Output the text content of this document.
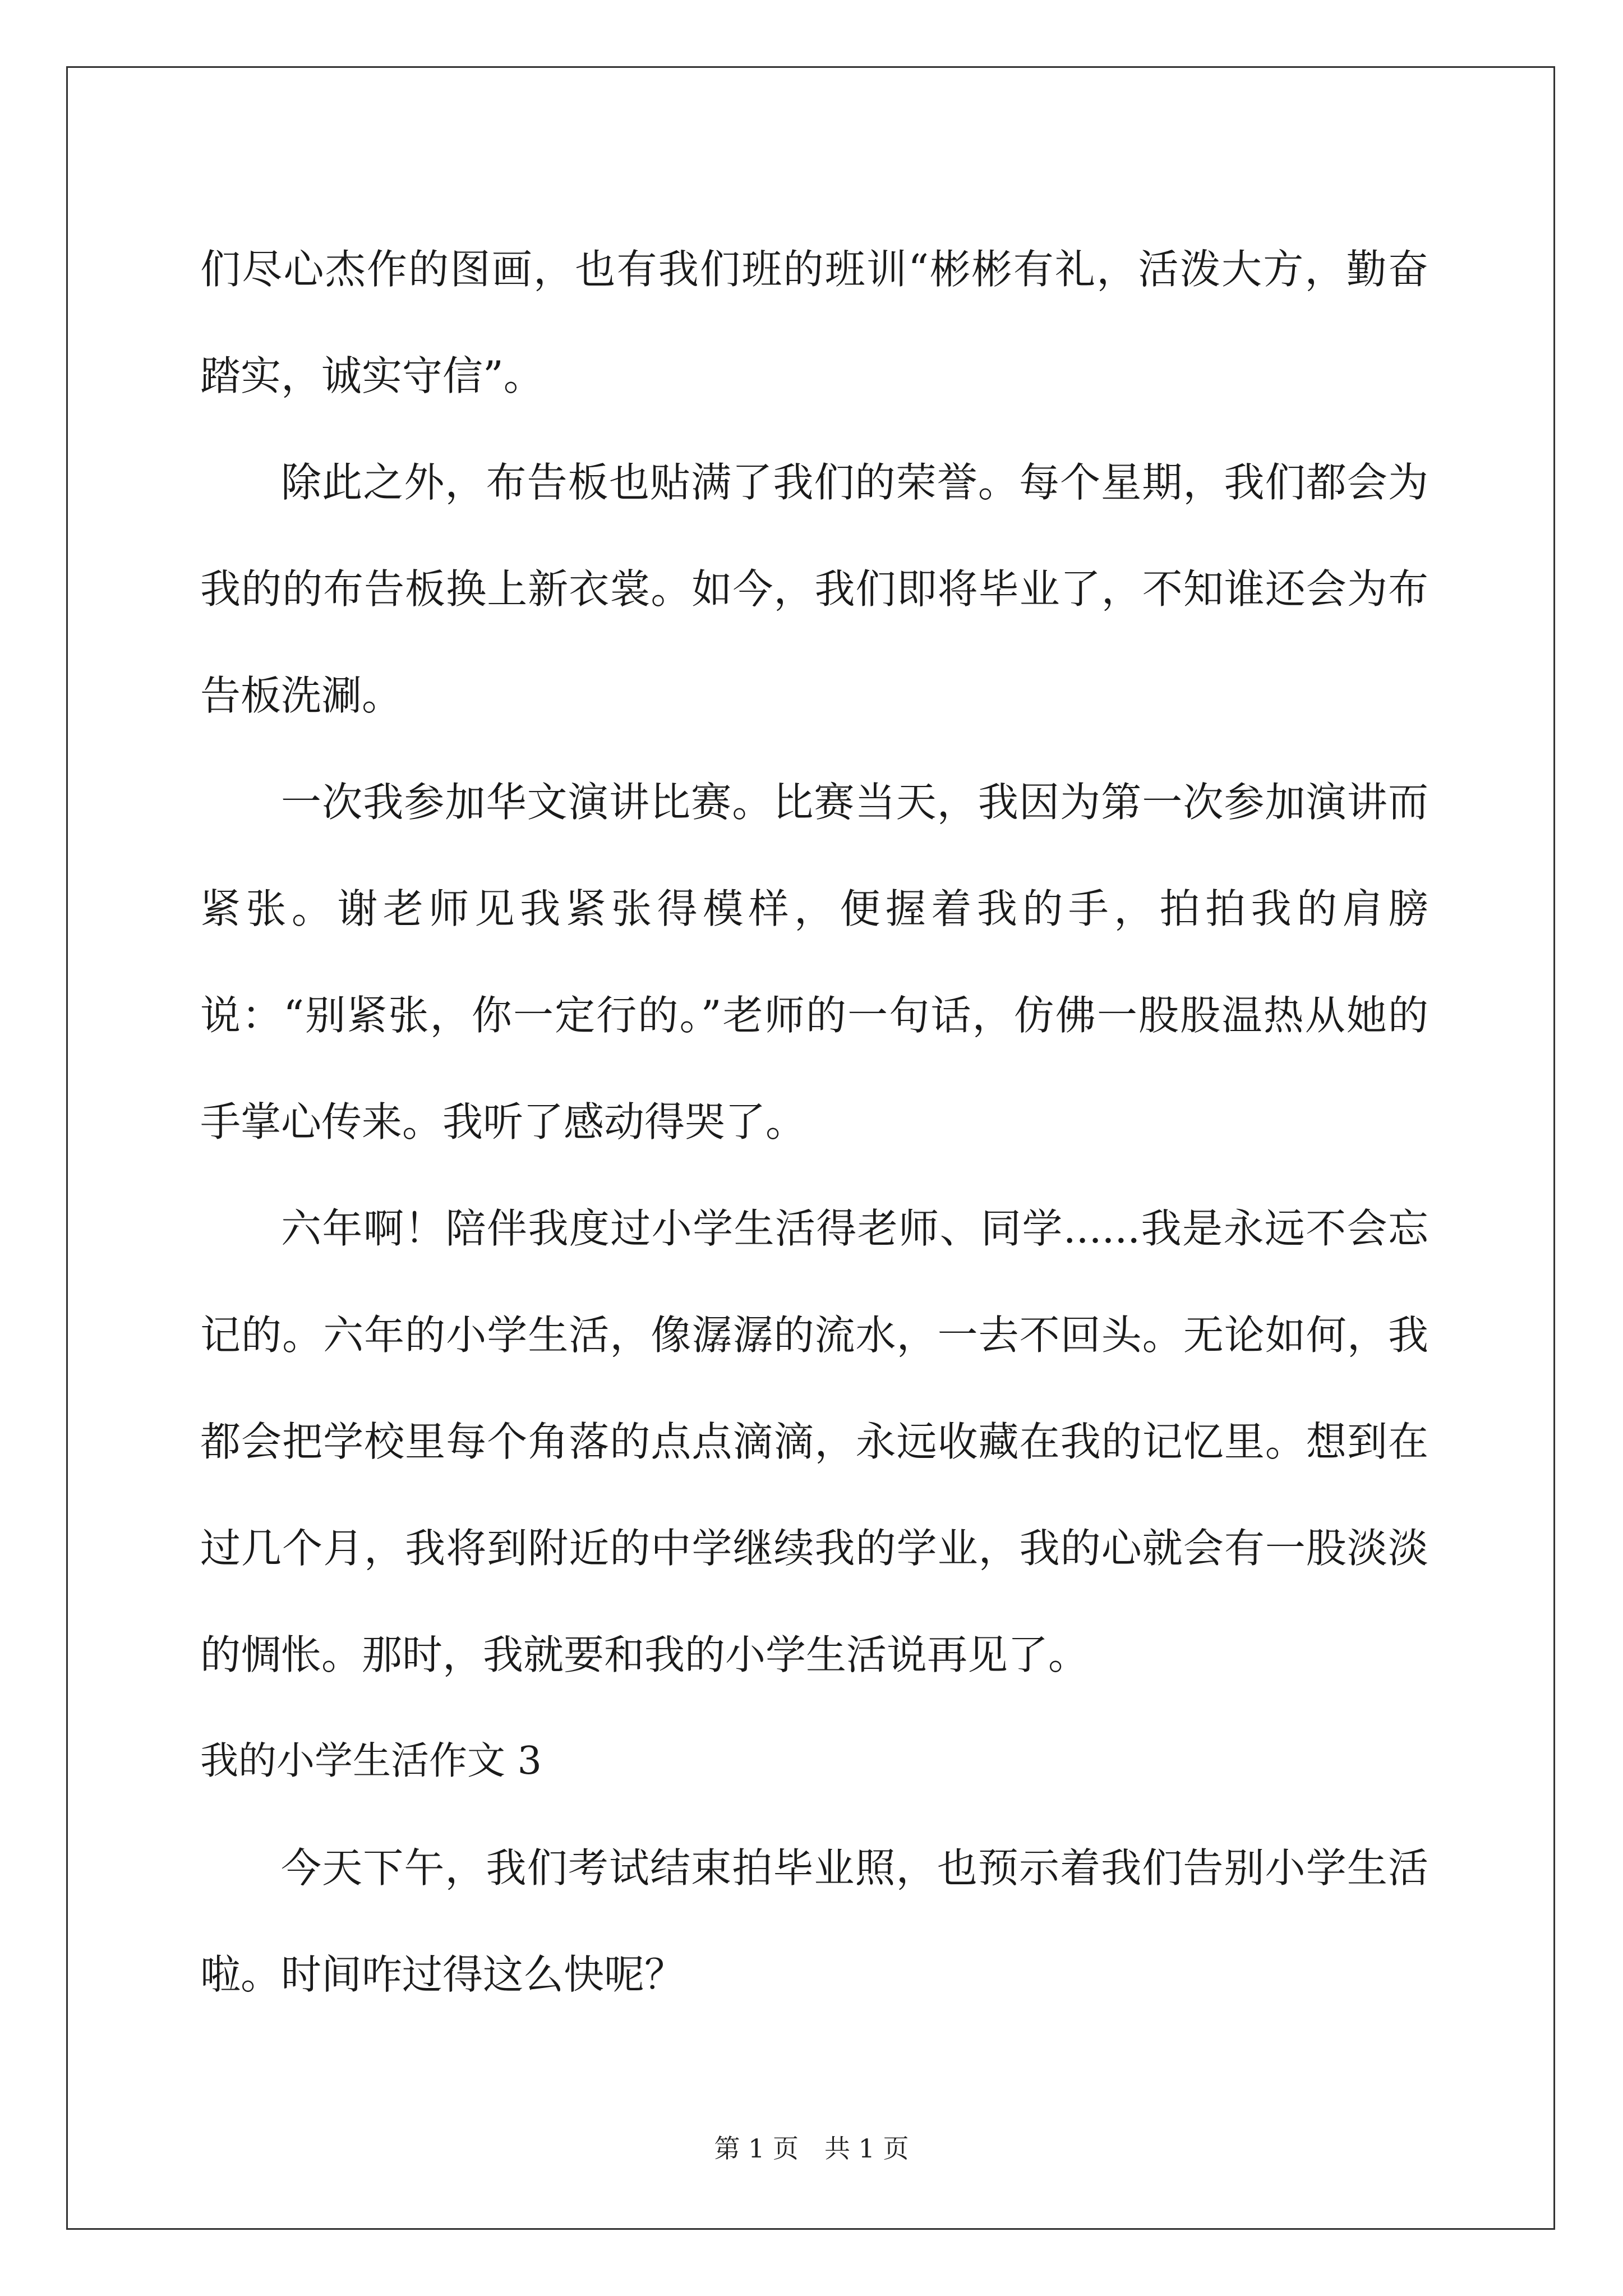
们尽心杰作的图画，也有我们班的班训“彬彬有礼，活泼大方，勤奋踏实，诚实守信”。

除此之外，布告板也贴满了我们的荣誉。每个星期，我们都会为我的的布告板换上新衣裳。如今，我们即将毕业了，不知谁还会为布告板洗涮。

一次我参加华文演讲比赛。比赛当天，我因为第一次参加演讲而紧张。谢老师见我紧张得模样，便握着我的手，拍拍我的肩膀说：“别紧张，你一定行的。”老师的一句话，仿佛一股股温热从她的手掌心传来。我听了感动得哭了。

六年啊！陪伴我度过小学生活得老师、同学......我是永远不会忘记的。六年的小学生活，像潺潺的流水，一去不回头。无论如何，我都会把学校里每个角落的点点滴滴，永远收藏在我的记忆里。想到在过几个月，我将到附近的中学继续我的学业，我的心就会有一股淡淡的惆怅。那时，我就要和我的小学生活说再见了。

我的小学生活作文 3

今天下午，我们考试结束拍毕业照，也预示着我们告别小学生活啦。时间咋过得这么快呢？

第 1 页　共 1 页
